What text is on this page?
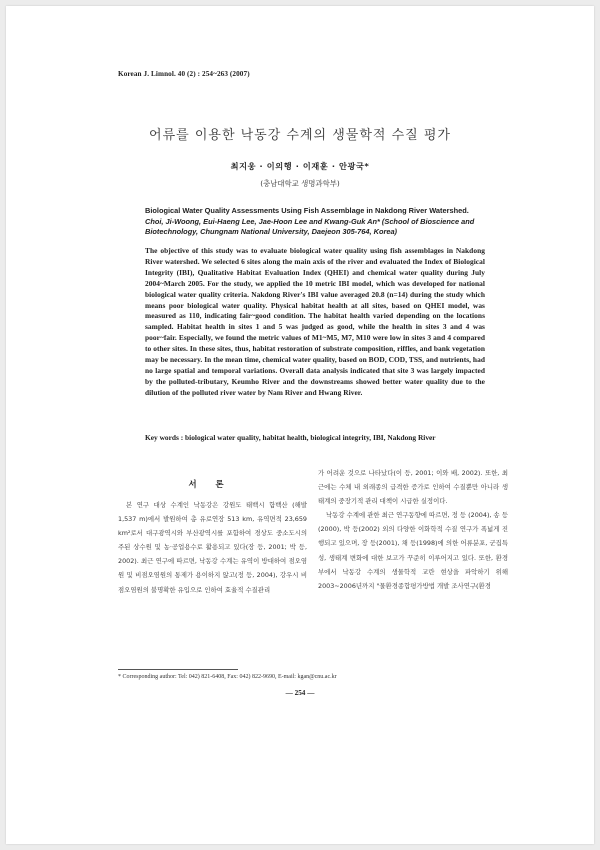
Korean J. Limnol. 40 (2) : 254~263 (2007)
어류를 이용한 낙동강 수계의 생물학적 수질 평가
최지웅 · 이의행 · 이재훈 · 안광국*
(충남대학교 생명과학부)
Biological Water Quality Assessments Using Fish Assemblage in Nakdong River Watershed. Choi, Ji-Woong, Eui-Haeng Lee, Jae-Hoon Lee and Kwang-Guk An* (School of Bioscience and Biotechnology, Chungnam National University, Daejeon 305-764, Korea)
The objective of this study was to evaluate biological water quality using fish assemblages in Nakdong River watershed. We selected 6 sites along the main axis of the river and evaluated the Index of Biological Integrity (IBI), Qualitative Habitat Evaluation Index (QHEI) and chemical water quality during July 2004~March 2005. For the study, we applied the 10 metric IBI model, which was developed for national biological water quality criteria. Nakdong River's IBI value averaged 20.8 (n=14) during the study which means poor biological water quality. Physical habitat health at all sites, based on QHEI model, was measured as 110, indicating fair~good condition. The habitat health varied depending on the locations sampled. Habitat health in sites 1 and 5 was judged as good, while the health in sites 3 and 4 was poor~fair. Especially, we found the metric values of M1~M5, M7, M10 were low in sites 3 and 4 compared to other sites. In these sites, thus, habitat restoration of substrate composition, riffles, and bank vegetation may be necessary. In the mean time, chemical water quality, based on BOD, COD, TSS, and nutrients, had no large spatial and temporal variations. Overall data analysis indicated that site 3 was largely impacted by the polluted-tributary, Keumho River and the downstreams showed better water quality due to the dilution of the polluted river water by Nam River and Hwang River.
Key words :
biological water quality, habitat health, biological integrity, IBI, Nakdong River
서 론
본 연구 대상 수계인 낙동강은 강원도 태백시 함백산 (해발 1,537 m)에서 발원하여 총 유로연장 513 km, 유역면적 23,659 km²로서 대구광역시와 부산광역시를 포함하여 경상도 중소도시의 주된 상수원 및 농·공업용수로 활용되고 있다(장 등, 2001; 박 등, 2002). 최근 연구에 따르면, 낙동강 수계는 유역이 방대하여 점오염원 및 비점오염원의 통제가 용이하지 않고(정 등, 2004), 강우시 비점오염원의 불명확한 유입으로 인하여 효율적 수질관리
가 어려운 것으로 나타났다(이 등, 2001; 이와 배, 2002). 또한, 최근에는 수체 내 외래종의 급격한 증가로 인하여 수질뿐만 아니라 생태계의 중장기적 관리 대책이 시급한 실정이다.
낙동강 수계에 관한 최근 연구동향에 따르면, 정 등 (2004), 송 등(2000), 박 등(2002) 외의 다양한 이화학적 수질 연구가 폭넓게 진행되고 있으며, 장 등(2001), 채 등(1998)에 의한 어류분포, 군집특성, 생태계 변화에 대한 보고가 꾸준히 이루어지고 있다. 또한, 환경부에서 낙동강 수계의 생물학적 교란 현상을 파악하기 위해 2003~2006년까지 "물환경종합평가방법 개발 조사연구(환경
* Corresponding author: Tel: 042) 821-6408, Fax: 042) 822-9690, E-mail: kgan@cnu.ac.kr
— 254 —
